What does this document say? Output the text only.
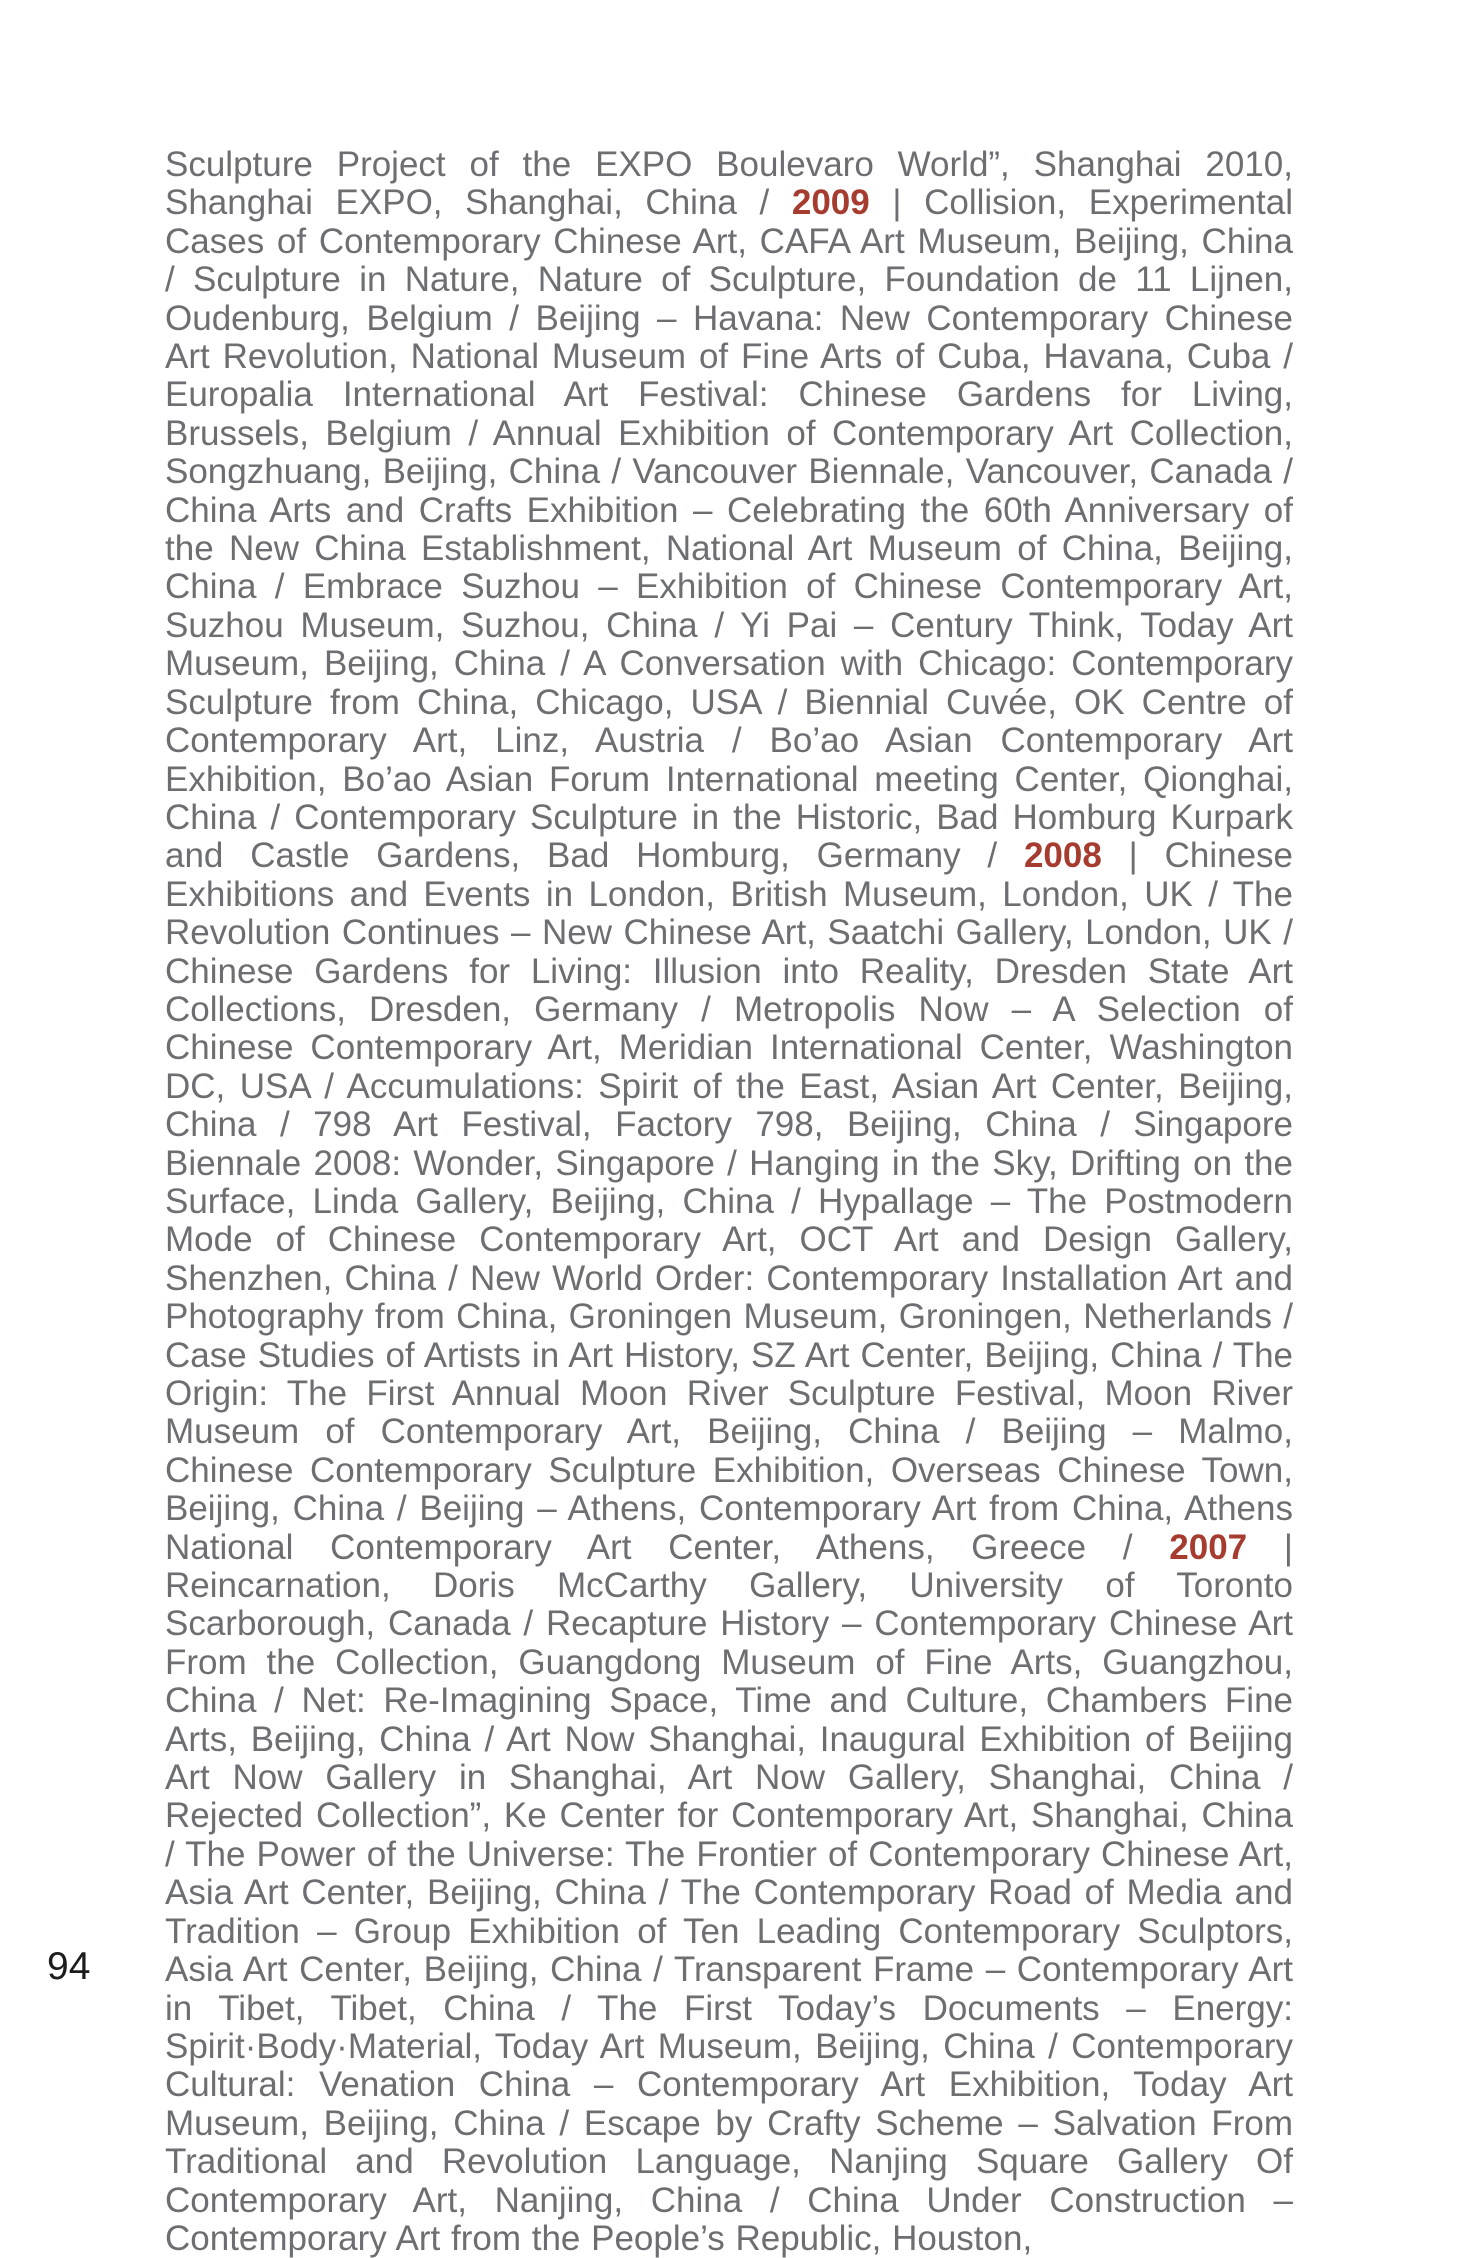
Sculpture Project of the EXPO Boulevaro World”, Shanghai 2010, Shanghai EXPO, Shanghai, China / 2009 | Collision, Experimental Cases of Contemporary Chinese Art, CAFA Art Museum, Beijing, China / Sculpture in Nature, Nature of Sculpture, Foundation de 11 Lijnen, Oudenburg, Belgium / Beijing – Havana: New Contemporary Chinese Art Revolution, National Museum of Fine Arts of Cuba, Havana, Cuba / Europalia International Art Festival: Chinese Gardens for Living, Brussels, Belgium / Annual Exhibition of Contemporary Art Collection, Songzhuang, Beijing, China / Vancouver Biennale, Vancouver, Canada / China Arts and Crafts Exhibition – Celebrating the 60th Anniversary of the New China Establishment, National Art Museum of China, Beijing, China / Embrace Suzhou – Exhibition of Chinese Contemporary Art, Suzhou Museum, Suzhou, China / Yi Pai – Century Think, Today Art Museum, Beijing, China / A Conversation with Chicago: Contemporary Sculpture from China, Chicago, USA / Biennial Cuvée, OK Centre of Contemporary Art, Linz, Austria / Bo’ao Asian Contemporary Art Exhibition, Bo’ao Asian Forum International meeting Center, Qionghai, China / Contemporary Sculpture in the Historic, Bad Homburg Kurpark and Castle Gardens, Bad Homburg, Germany / 2008 | Chinese Exhibitions and Events in London, British Museum, London, UK / The Revolution Continues – New Chinese Art, Saatchi Gallery, London, UK / Chinese Gardens for Living: Illusion into Reality, Dresden State Art Collections, Dresden, Germany / Metropolis Now – A Selection of Chinese Contemporary Art, Meridian International Center, Washington DC, USA / Accumulations: Spirit of the East, Asian Art Center, Beijing, China / 798 Art Festival, Factory 798, Beijing, China / Singapore Biennale 2008: Wonder, Singapore / Hanging in the Sky, Drifting on the Surface, Linda Gallery, Beijing, China / Hypallage – The Postmodern Mode of Chinese Contemporary Art, OCT Art and Design Gallery, Shenzhen, China / New World Order: Contemporary Installation Art and Photography from China, Groningen Museum, Groningen, Netherlands / Case Studies of Artists in Art History, SZ Art Center, Beijing, China / The Origin: The First Annual Moon River Sculpture Festival, Moon River Museum of Contemporary Art, Beijing, China / Beijing – Malmo, Chinese Contemporary Sculpture Exhibition, Overseas Chinese Town, Beijing, China / Beijing – Athens, Contemporary Art from China, Athens National Contemporary Art Center, Athens, Greece / 2007 | Reincarnation, Doris McCarthy Gallery, University of Toronto Scarborough, Canada / Recapture History – Contemporary Chinese Art From the Collection, Guangdong Museum of Fine Arts, Guangzhou, China / Net: Re-Imagining Space, Time and Culture, Chambers Fine Arts, Beijing, China / Art Now Shanghai, Inaugural Exhibition of Beijing Art Now Gallery in Shanghai, Art Now Gallery, Shanghai, China / Rejected Collection”, Ke Center for Contemporary Art, Shanghai, China / The Power of the Universe: The Frontier of Contemporary Chinese Art, Asia Art Center, Beijing, China / The Contemporary Road of Media and Tradition – Group Exhibition of Ten Leading Contemporary Sculptors, Asia Art Center, Beijing, China / Transparent Frame – Contemporary Art in Tibet, Tibet, China / The First Today’s Documents – Energy: Spirit·Body·Material, Today Art Museum, Beijing, China / Contemporary Cultural: Venation China – Contemporary Art Exhibition, Today Art Museum, Beijing, China / Escape by Crafty Scheme – Salvation From Traditional and Revolution Language, Nanjing Square Gallery Of Contemporary Art, Nanjing, China / China Under Construction – Contemporary Art from the People’s Republic, Houston,

94
